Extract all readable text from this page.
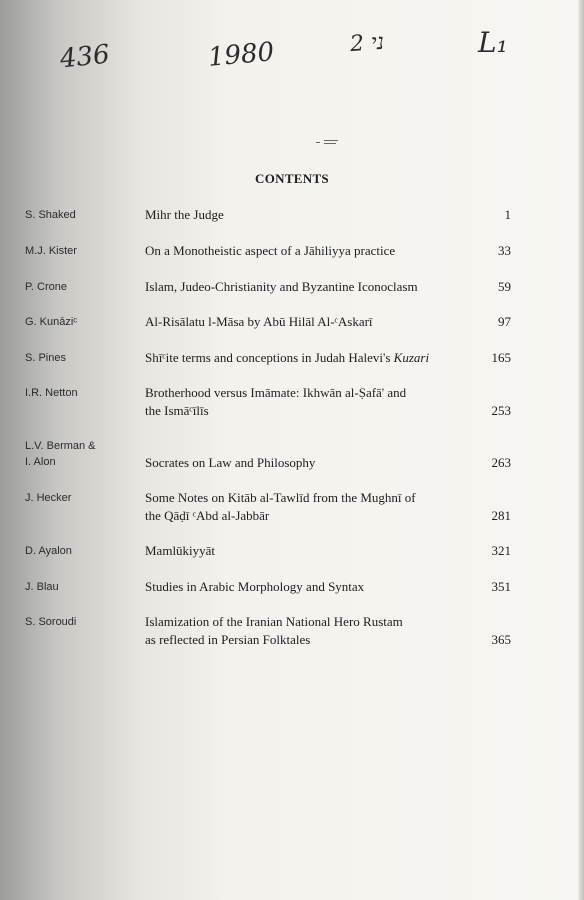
436	1980	ני 2	L₁
CONTENTS
S. Shaked	Mihr the Judge	1
M.J. Kister	On a Monotheistic aspect of a Jāhiliyya practice	33
P. Crone	Islam, Judeo-Christianity and Byzantine Iconoclasm	59
G. Kunāziᶜ	Al-Risālatu l-Māsa by Abū Hilāl Al-ᶜAskarī	97
S. Pines	Shīᶜite terms and conceptions in Judah Halevi's Kuzari	165
I.R. Netton	Brotherhood versus Imāmate: Ikhwān al-Ṣafā' and
the Ismāᶜīlīs	253
L.V. Berman &
I. Alon	Socrates on Law and Philosophy	263
J. Hecker	Some Notes on Kitāb al-Tawlīd from the Mughnī of
the Qāḍī ᶜAbd al-Jabbār	281
D. Ayalon	Mamlūkiyyāt	321
J. Blau	Studies in Arabic Morphology and Syntax	351
S. Soroudi	Islamization of the Iranian National Hero Rustam
as reflected in Persian Folktales	365
